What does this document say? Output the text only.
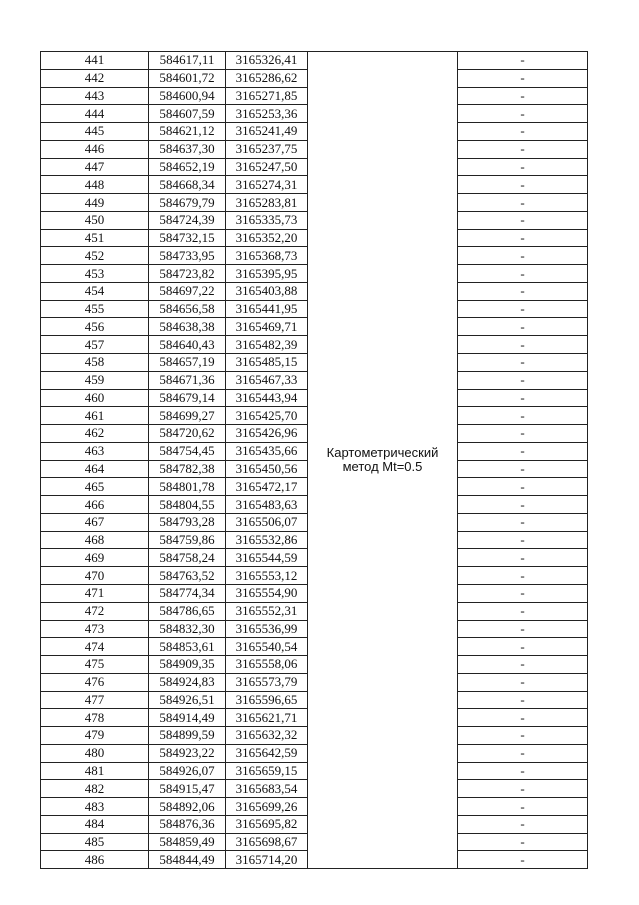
441	584617,11	3165326,41	Картометрический
метод Mt=0.5	-
442	584601,72	3165286,62		-
443	584600,94	3165271,85		-
444	584607,59	3165253,36		-
445	584621,12	3165241,49		-
446	584637,30	3165237,75		-
447	584652,19	3165247,50		-
448	584668,34	3165274,31		-
449	584679,79	3165283,81		-
450	584724,39	3165335,73		-
451	584732,15	3165352,20		-
452	584733,95	3165368,73		-
453	584723,82	3165395,95		-
454	584697,22	3165403,88		-
455	584656,58	3165441,95		-
456	584638,38	3165469,71		-
457	584640,43	3165482,39		-
458	584657,19	3165485,15		-
459	584671,36	3165467,33		-
460	584679,14	3165443,94		-
461	584699,27	3165425,70		-
462	584720,62	3165426,96		-
463	584754,45	3165435,66		-
464	584782,38	3165450,56		-
465	584801,78	3165472,17		-
466	584804,55	3165483,63		-
467	584793,28	3165506,07		-
468	584759,86	3165532,86		-
469	584758,24	3165544,59		-
470	584763,52	3165553,12		-
471	584774,34	3165554,90		-
472	584786,65	3165552,31		-
473	584832,30	3165536,99		-
474	584853,61	3165540,54		-
475	584909,35	3165558,06		-
476	584924,83	3165573,79		-
477	584926,51	3165596,65		-
478	584914,49	3165621,71		-
479	584899,59	3165632,32		-
480	584923,22	3165642,59		-
481	584926,07	3165659,15		-
482	584915,47	3165683,54		-
483	584892,06	3165699,26		-
484	584876,36	3165695,82		-
485	584859,49	3165698,67		-
486	584844,49	3165714,20		-
